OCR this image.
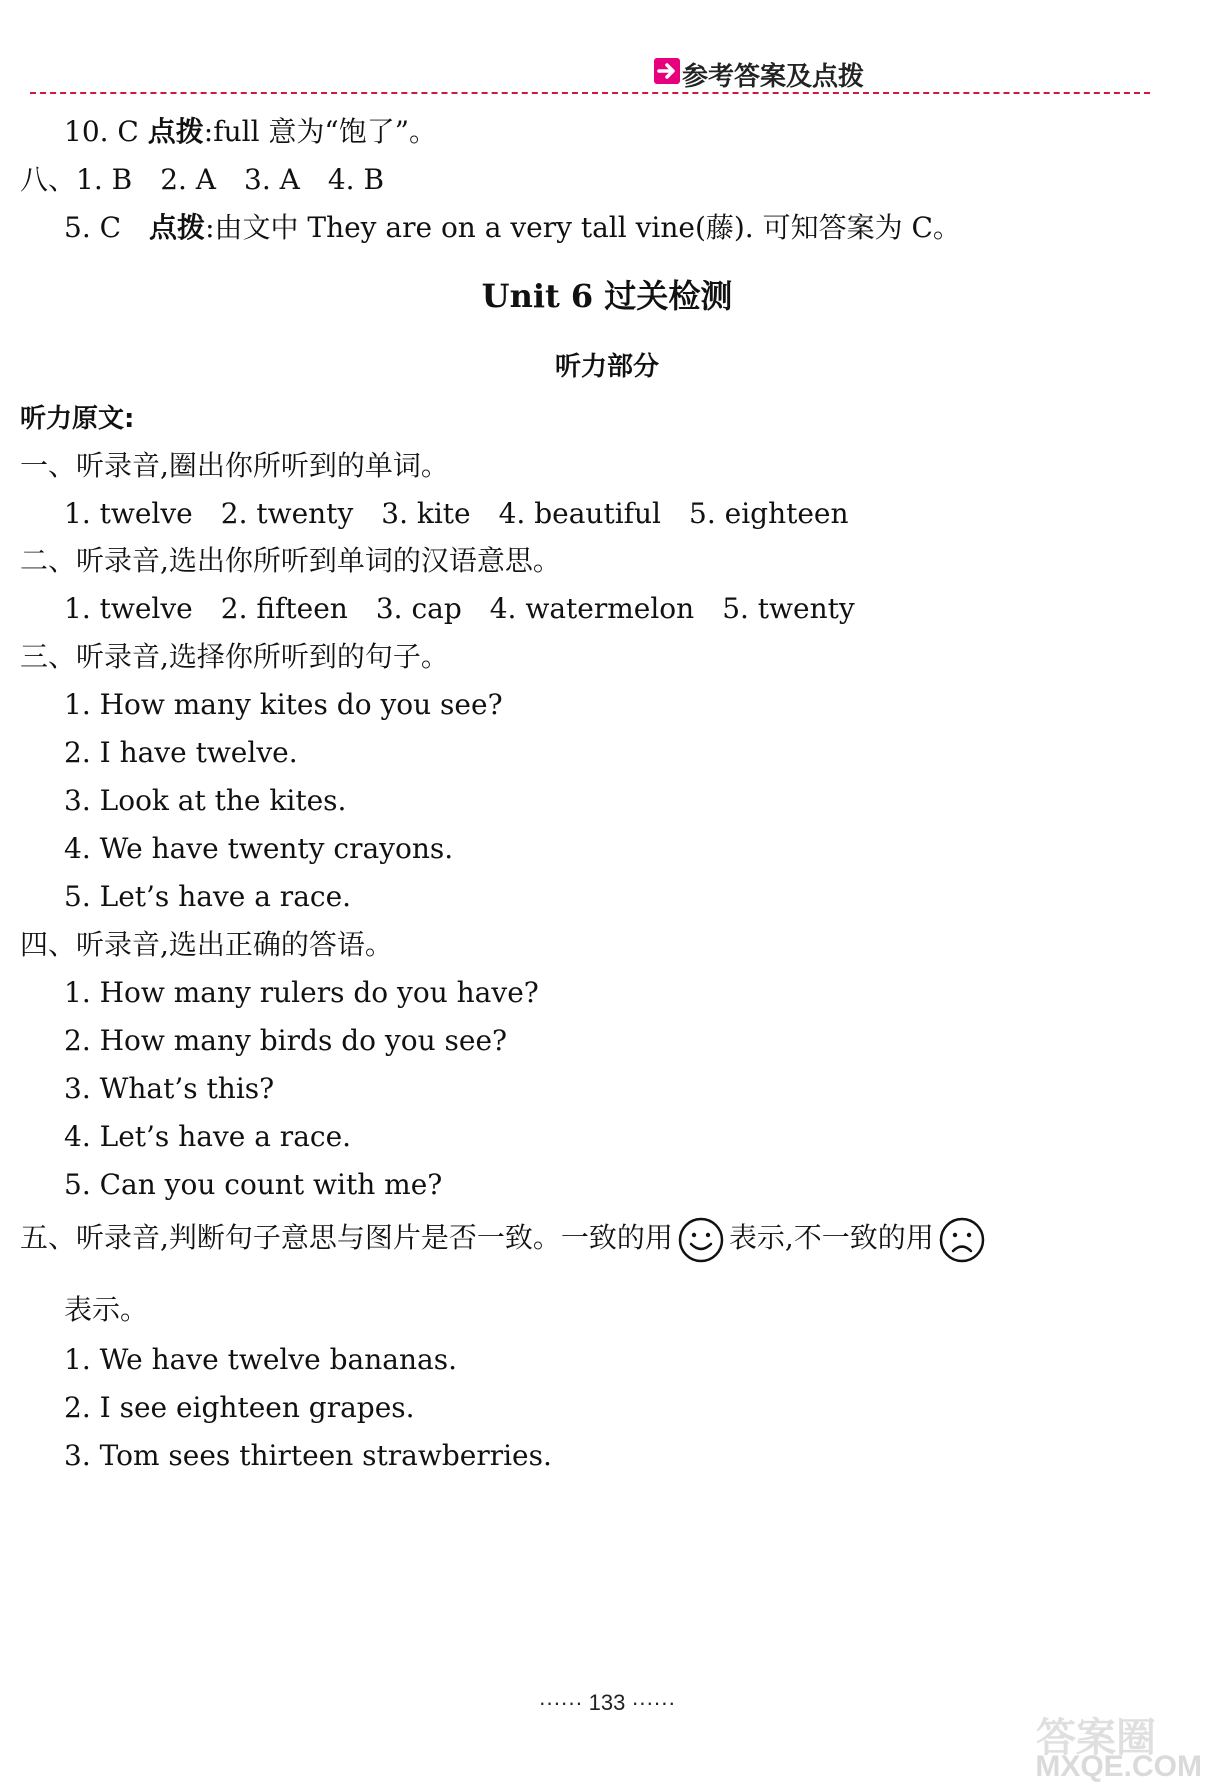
参考答案及点拨
10. C 点拨:full 意为“饱了”。
八、1. B　2. A　3. A　4. B
5. C　点拨:由文中 They are on a very tall vine(藤). 可知答案为 C。
Unit 6 过关检测
听力部分
听力原文:
一、听录音,圈出你所听到的单词。
1. twelve　2. twenty　3. kite　4. beautiful　5. eighteen
二、听录音,选出你所听到单词的汉语意思。
1. twelve　2. fifteen　3. cap　4. watermelon　5. twenty
三、听录音,选择你所听到的句子。
1. How many kites do you see?
2. I have twelve.
3. Look at the kites.
4. We have twenty crayons.
5. Let’s have a race.
四、听录音,选出正确的答语。
1. How many rulers do you have?
2. How many birds do you see?
3. What’s this?
4. Let’s have a race.
5. Can you count with me?
五、听录音,判断句子意思与图片是否一致。一致的用 表示,不一致的用
表示。
1. We have twelve bananas.
2. I see eighteen grapes.
3. Tom sees thirteen strawberries.
······ 133 ······
答案圈
MXQE.COM
